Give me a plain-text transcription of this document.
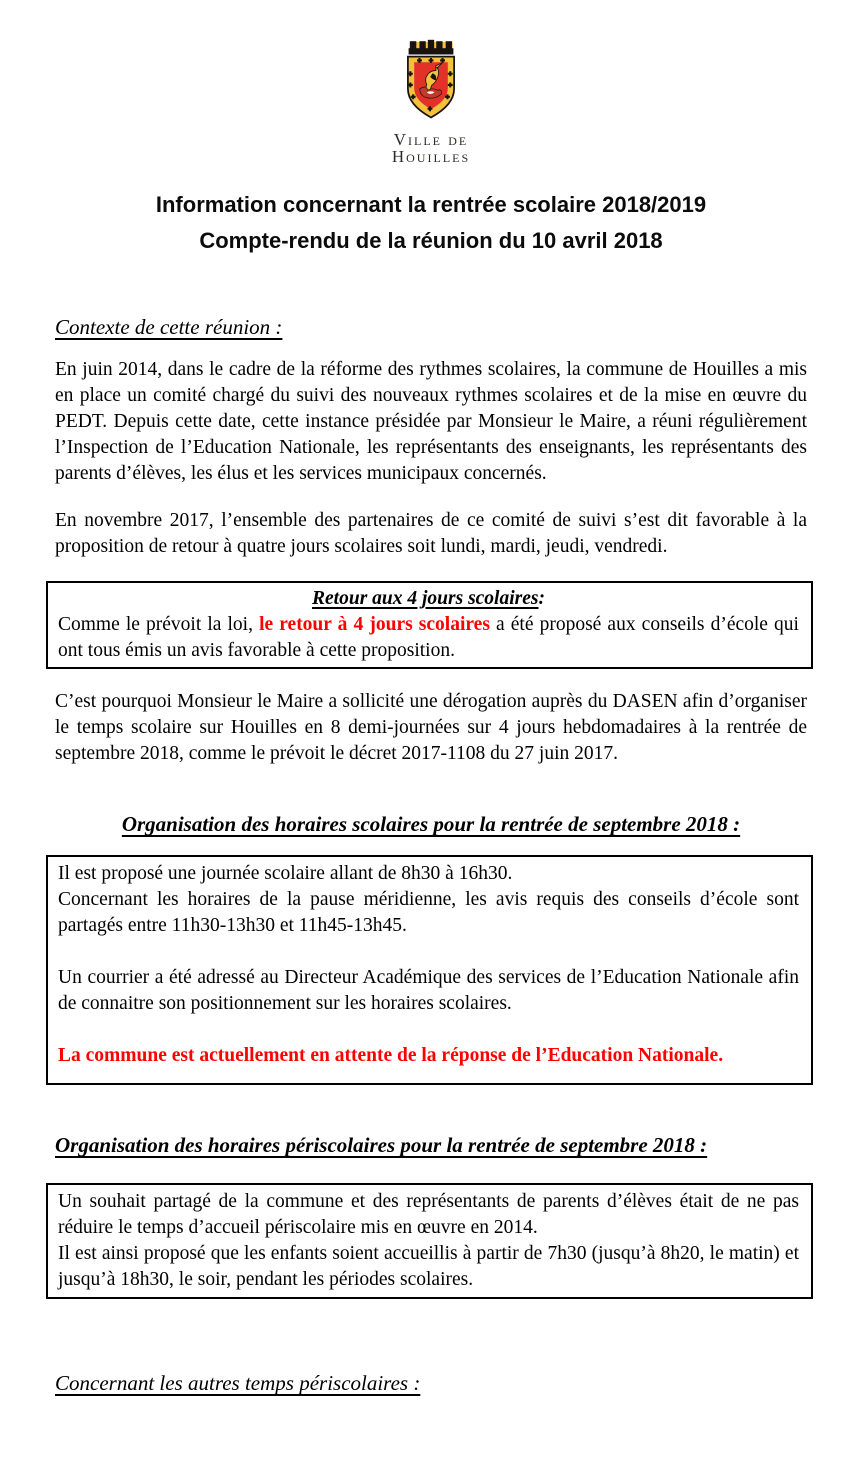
Ville de
Houilles
Information concernant la rentrée scolaire 2018/2019
Compte-rendu de la réunion du 10 avril 2018
Contexte de cette réunion :

En juin 2014, dans le cadre de la réforme des rythmes scolaires, la commune de Houilles a mis en place un comité chargé du suivi des nouveaux rythmes scolaires et de la mise en œuvre du PEDT. Depuis cette date, cette instance présidée par Monsieur le Maire, a réuni régulièrement l’Inspection de l’Education Nationale, les représentants des enseignants, les représentants des parents d’élèves, les élus et les services municipaux concernés.

En novembre 2017, l’ensemble des partenaires de ce comité de suivi s’est dit favorable à la proposition de retour à quatre jours scolaires soit lundi, mardi, jeudi, vendredi.

Retour aux 4 jours scolaires:

Comme le prévoit la loi, le retour à 4 jours scolaires a été proposé aux conseils d’école qui ont tous émis un avis favorable à cette proposition.

C’est pourquoi Monsieur le Maire a sollicité une dérogation auprès du DASEN afin d’organiser le temps scolaire sur Houilles en 8 demi-journées sur 4 jours hebdomadaires à la rentrée de septembre 2018, comme le prévoit le décret 2017-1108 du 27 juin 2017.

Organisation des horaires scolaires pour la rentrée de septembre 2018 :

Il est proposé une journée scolaire allant de 8h30 à 16h30.

Concernant les horaires de la pause méridienne, les avis requis des conseils d’école sont partagés entre 11h30-13h30 et 11h45-13h45.

Un courrier a été adressé au Directeur Académique des services de l’Education Nationale afin de connaitre son positionnement sur les horaires scolaires.

La commune est actuellement en attente de la réponse de l’Education Nationale.

Organisation des horaires périscolaires pour la rentrée de septembre 2018 :

Un souhait partagé de la commune et des représentants de parents d’élèves était de ne pas réduire le temps d’accueil périscolaire mis en œuvre en 2014.

Il est ainsi proposé que les enfants soient accueillis à partir de 7h30 (jusqu’à 8h20, le matin) et jusqu’à 18h30, le soir, pendant les périodes scolaires.

Concernant les autres temps périscolaires :
